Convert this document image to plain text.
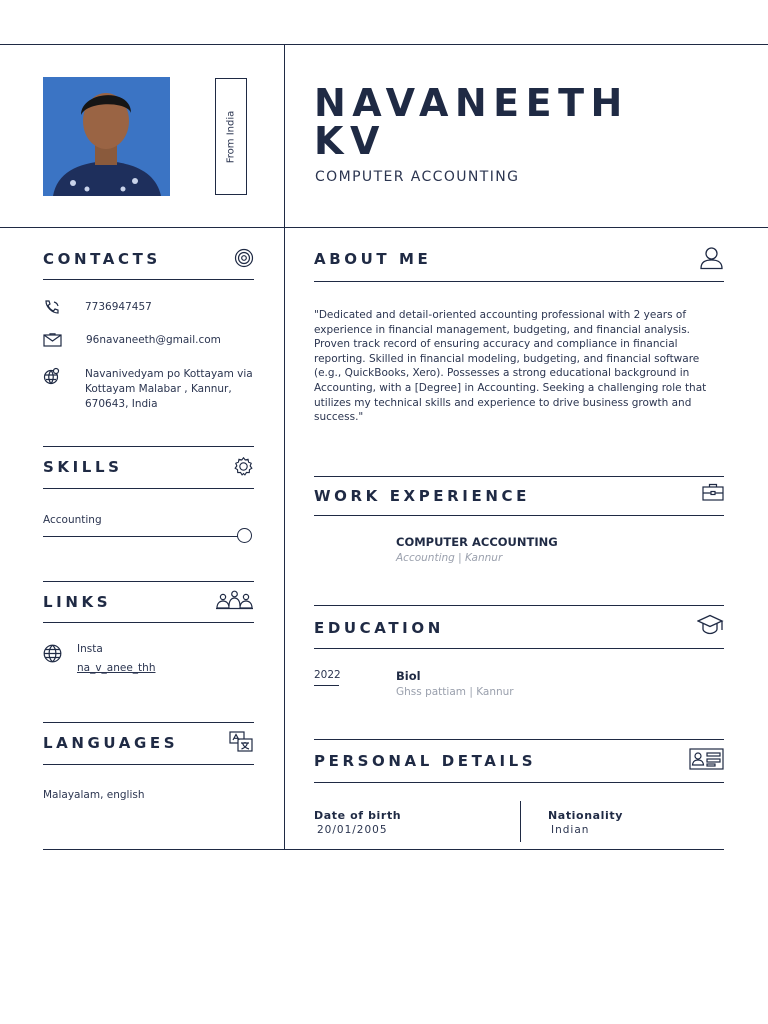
From India
NAVANEETH
KV
COMPUTER ACCOUNTING
CONTACTS
7736947457
96navaneeth@gmail.com
Navanivedyam po Kottayam via
Kottayam Malabar , Kannur,
670643, India
SKILLS
Accounting
LINKS
Insta
na_v_anee_thh
LANGUAGES
Malayalam, english
ABOUT ME
"Dedicated and detail-oriented accounting professional with 2 years of experience in financial management, budgeting, and financial analysis. Proven track record of ensuring accuracy and compliance in financial reporting. Skilled in financial modeling, budgeting, and financial software (e.g., QuickBooks, Xero). Possesses a strong educational background in Accounting, with a [Degree] in Accounting. Seeking a challenging role that utilizes my technical skills and experience to drive business growth and success."
WORK EXPERIENCE
COMPUTER ACCOUNTING
Accounting | Kannur
EDUCATION
2022	Biol
Ghss pattiam | Kannur
PERSONAL DETAILS
Date of birth
20/01/2005
Nationality
Indian
